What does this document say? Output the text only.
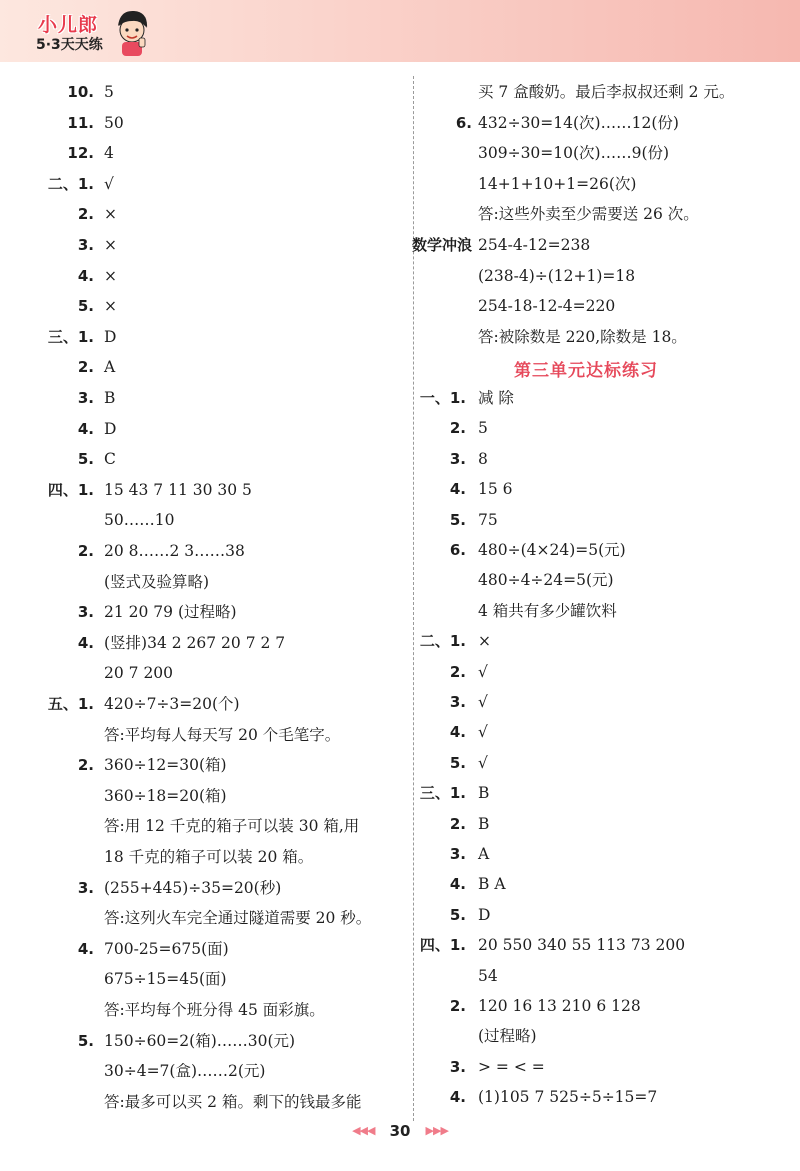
小儿郎
5·3天天练
10. 5
11. 50
12. 4
二、1. √
2. ×
3. ×
4. ×
5. ×
三、1. D
2. A
3. B
4. D
5. C
四、1. 15 43 7 11 30 30 5
50……10
2. 20 8……2 3……38
(竖式及验算略)
3. 21 20 79 (过程略)
4. (竖排)34 2 267 20 7 2 7
20 7 200
五、1. 420÷7÷3=20(个)
答:平均每人每天写 20 个毛笔字。
2. 360÷12=30(箱)
360÷18=20(箱)
答:用 12 千克的箱子可以装 30 箱,用
18 千克的箱子可以装 20 箱。
3. (255+445)÷35=20(秒)
答:这列火车完全通过隧道需要 20 秒。
4. 700-25=675(面)
675÷15=45(面)
答:平均每个班分得 45 面彩旗。
5. 150÷60=2(箱)……30(元)
30÷4=7(盒)……2(元)
答:最多可以买 2 箱。剩下的钱最多能
买 7 盒酸奶。最后李叔叔还剩 2 元。
6. 432÷30=14(次)……12(份)
309÷30=10(次)……9(份)
14+1+10+1=26(次)
答:这些外卖至少需要送 26 次。
数学冲浪 254-4-12=238
(238-4)÷(12+1)=18
254-18-12-4=220
答:被除数是 220,除数是 18。
第三单元达标练习
一、1. 减 除
2. 5
3. 8
4. 15 6
5. 75
6. 480÷(4×24)=5(元)
480÷4÷24=5(元)
4 箱共有多少罐饮料
二、1. ×
2. √
3. √
4. √
5. √
三、1. B
2. B
3. A
4. B A
5. D
四、1. 20 550 340 55 113 73 200
54
2. 120 16 13 210 6 128
(过程略)
3. > = < =
4. (1)105 7 525÷5÷15=7
◀◀◀ 30 ▶▶▶
